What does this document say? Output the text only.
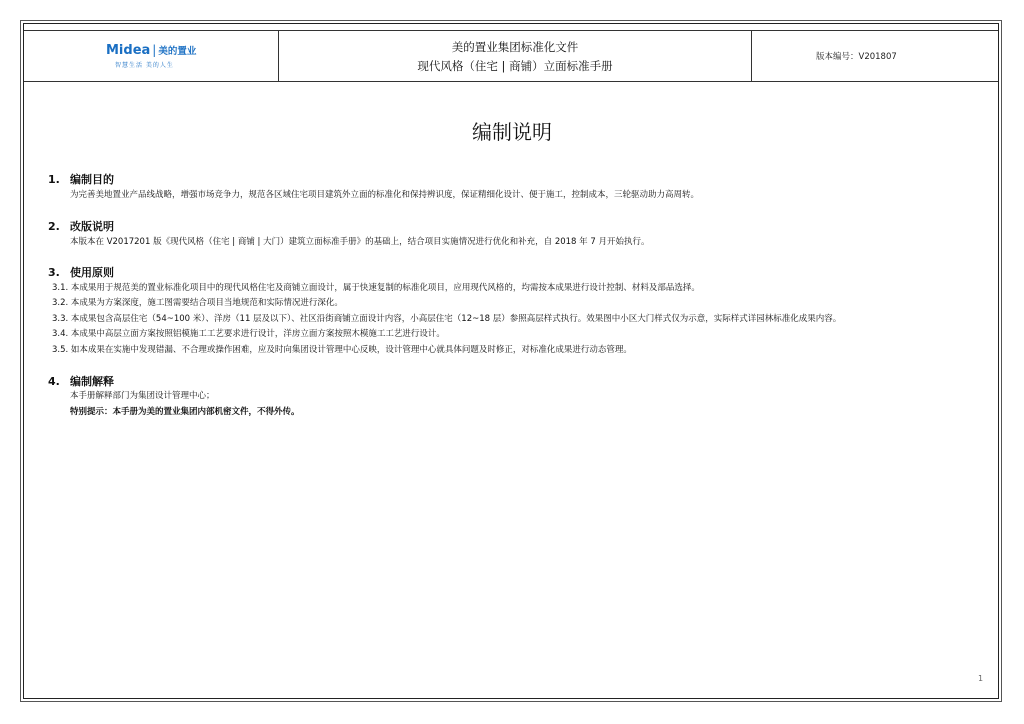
Midea | 美的置业
智慧生活 美的人生
美的置业集团标准化文件
现代风格（住宅 | 商铺）立面标准手册
版本编号：V201807
编制说明
1. 编制目的
为完善美地置业产品线战略，增强市场竞争力，规范各区域住宅项目建筑外立面的标准化和保持辨识度，保证精细化设计、便于施工，控制成本，三轮驱动助力高周转。
2. 改版说明
本版本在 V2017201 版《现代风格（住宅 | 商铺 | 大门）建筑立面标准手册》的基础上，结合项目实施情况进行优化和补充，自 2018 年 7 月开始执行。
3. 使用原则
3.1. 本成果用于规范美的置业标准化项目中的现代风格住宅及商铺立面设计，属于快速复制的标准化项目，应用现代风格的，均需按本成果进行设计控制、材料及部品选择。
3.2. 本成果为方案深度，施工图需要结合项目当地规范和实际情况进行深化。
3.3. 本成果包含高层住宅（54~100 米）、洋房（11 层及以下）、社区沿街商铺立面设计内容，小高层住宅（12~18 层）参照高层样式执行。效果图中小区大门样式仅为示意，实际样式详园林标准化成果内容。
3.4. 本成果中高层立面方案按照铝模施工工艺要求进行设计，洋房立面方案按照木模施工工艺进行设计。
3.5. 如本成果在实施中发现错漏、不合理或操作困难，应及时向集团设计管理中心反映，设计管理中心就具体问题及时修正，对标准化成果进行动态管理。
4. 编制解释
本手册解释部门为集团设计管理中心；
特别提示：本手册为美的置业集团内部机密文件，不得外传。
1
